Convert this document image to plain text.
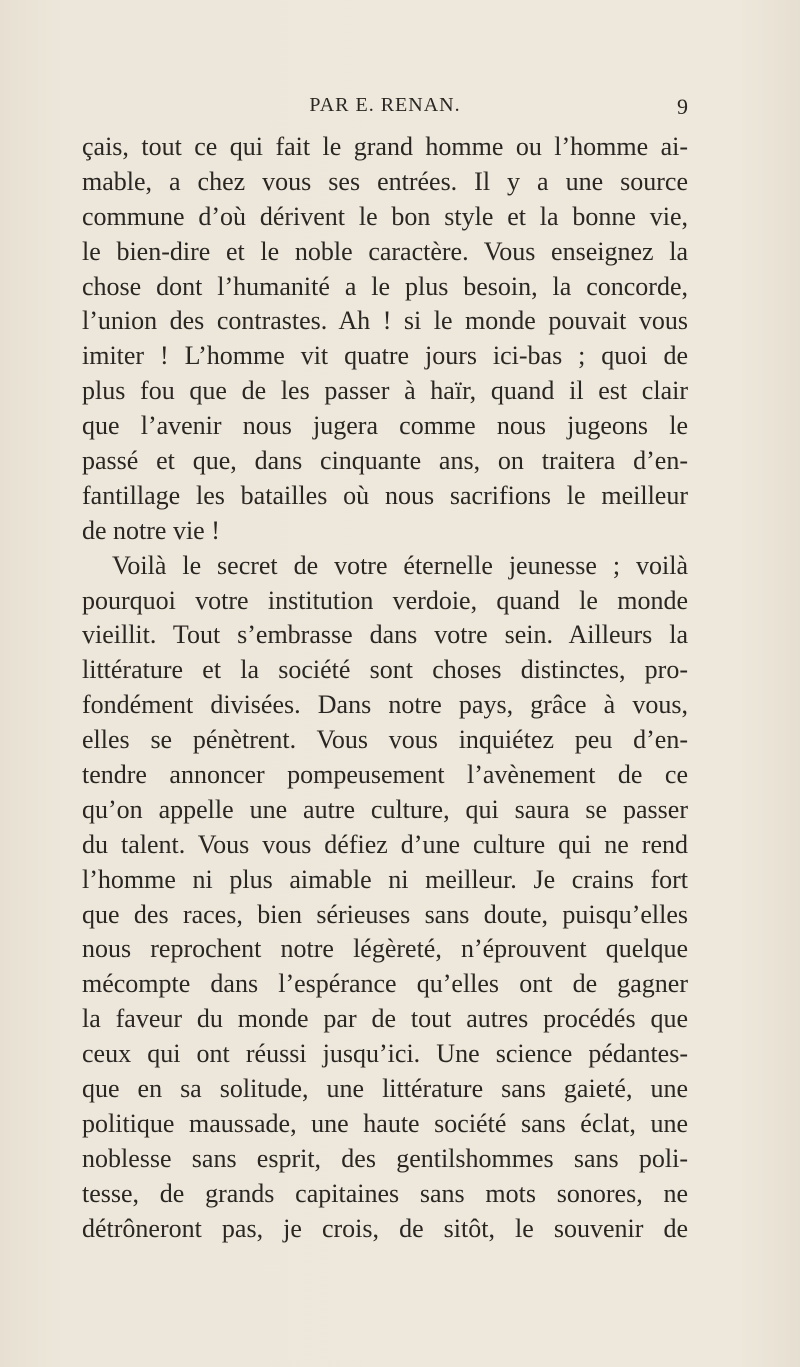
PAR E. RENAN.	9
çais, tout ce qui fait le grand homme ou l’homme ai-
mable, a chez vous ses entrées. Il y a une source
commune d’où dérivent le bon style et la bonne vie,
le bien-dire et le noble caractère. Vous enseignez la
chose dont l’humanité a le plus besoin, la concorde,
l’union des contrastes. Ah ! si le monde pouvait vous
imiter ! L’homme vit quatre jours ici-bas ; quoi de
plus fou que de les passer à haïr, quand il est clair
que l’avenir nous jugera comme nous jugeons le
passé et que, dans cinquante ans, on traitera d’en-
fantillage les batailles où nous sacrifions le meilleur
de notre vie !
Voilà le secret de votre éternelle jeunesse ; voilà
pourquoi votre institution verdoie, quand le monde
vieillit. Tout s’embrasse dans votre sein. Ailleurs la
littérature et la société sont choses distinctes, pro-
fondément divisées. Dans notre pays, grâce à vous,
elles se pénètrent. Vous vous inquiétez peu d’en-
tendre annoncer pompeusement l’avènement de ce
qu’on appelle une autre culture, qui saura se passer
du talent. Vous vous défiez d’une culture qui ne rend
l’homme ni plus aimable ni meilleur. Je crains fort
que des races, bien sérieuses sans doute, puisqu’elles
nous reprochent notre légèreté, n’éprouvent quelque
mécompte dans l’espérance qu’elles ont de gagner
la faveur du monde par de tout autres procédés que
ceux qui ont réussi jusqu’ici. Une science pédantes-
que en sa solitude, une littérature sans gaieté, une
politique maussade, une haute société sans éclat, une
noblesse sans esprit, des gentilshommes sans poli-
tesse, de grands capitaines sans mots sonores, ne
détrôneront pas, je crois, de sitôt, le souvenir de
